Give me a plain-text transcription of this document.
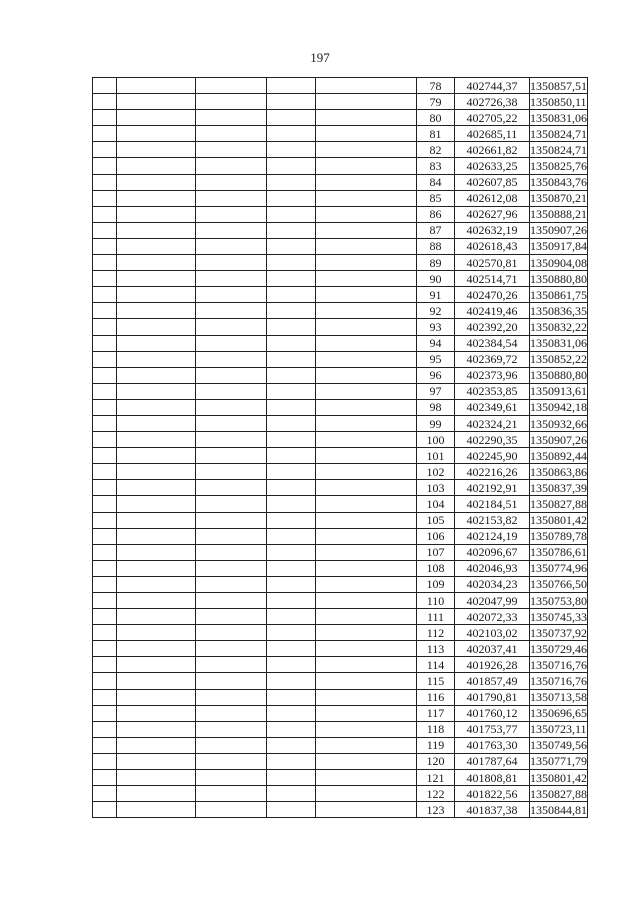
197
					78	402744,37	1350857,51
					79	402726,38	1350850,11
					80	402705,22	1350831,06
					81	402685,11	1350824,71
					82	402661,82	1350824,71
					83	402633,25	1350825,76
					84	402607,85	1350843,76
					85	402612,08	1350870,21
					86	402627,96	1350888,21
					87	402632,19	1350907,26
					88	402618,43	1350917,84
					89	402570,81	1350904,08
					90	402514,71	1350880,80
					91	402470,26	1350861,75
					92	402419,46	1350836,35
					93	402392,20	1350832,22
					94	402384,54	1350831,06
					95	402369,72	1350852,22
					96	402373,96	1350880,80
					97	402353,85	1350913,61
					98	402349,61	1350942,18
					99	402324,21	1350932,66
					100	402290,35	1350907,26
					101	402245,90	1350892,44
					102	402216,26	1350863,86
					103	402192,91	1350837,39
					104	402184,51	1350827,88
					105	402153,82	1350801,42
					106	402124,19	1350789,78
					107	402096,67	1350786,61
					108	402046,93	1350774,96
					109	402034,23	1350766,50
					110	402047,99	1350753,80
					111	402072,33	1350745,33
					112	402103,02	1350737,92
					113	402037,41	1350729,46
					114	401926,28	1350716,76
					115	401857,49	1350716,76
					116	401790,81	1350713,58
					117	401760,12	1350696,65
					118	401753,77	1350723,11
					119	401763,30	1350749,56
					120	401787,64	1350771,79
					121	401808,81	1350801,42
					122	401822,56	1350827,88
					123	401837,38	1350844,81
